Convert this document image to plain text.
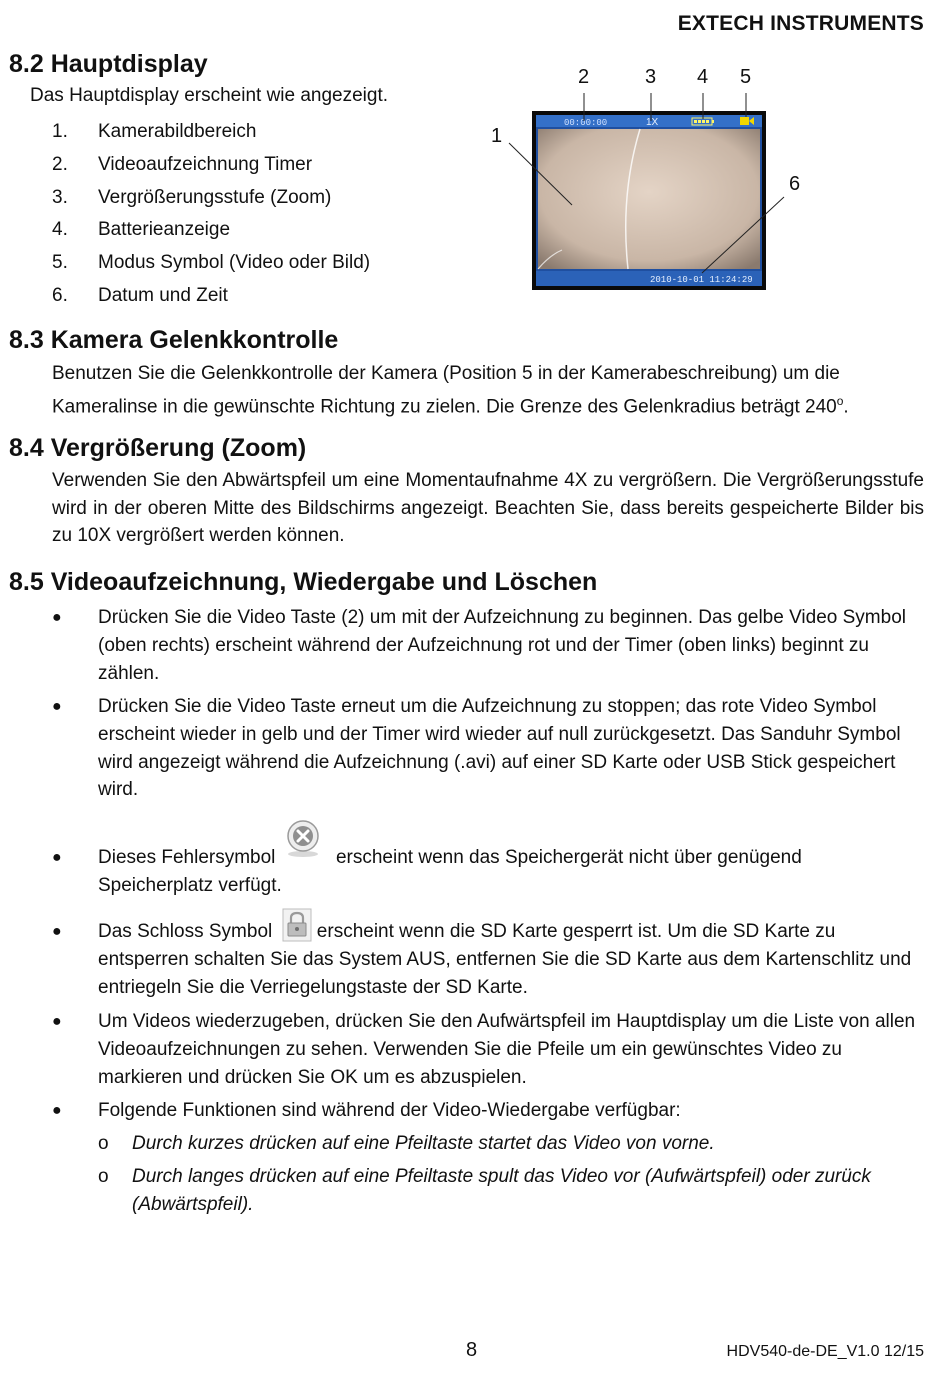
EXTECH INSTRUMENTS
8.2 Hauptdisplay
Das Hauptdisplay erscheint wie angezeigt.
1. Kamerabildbereich
2. Videoaufzeichnung Timer
3. Vergrößerungsstufe (Zoom)
4. Batterieanzeige
5. Modus Symbol (Video oder Bild)
6. Datum und Zeit
00:00:00	1X
2010-10-01 11:24:29
1
2	3 4 5
6
8.3 Kamera Gelenkkontrolle
Benutzen Sie die Gelenkkontrolle der Kamera (Position 5 in der Kamerabeschreibung) um die Kameralinse in die gewünschte Richtung zu zielen. Die Grenze des Gelenkradius beträgt 240$^o$.
8.4 Vergrößerung (Zoom)
Verwenden Sie den Abwärtspfeil um eine Momentaufnahme 4X zu vergrößern. Die Vergrößerungsstufe wird in der oberen Mitte des Bildschirms angezeigt. Beachten Sie, dass bereits gespeicherte Bilder bis zu 10X vergrößert werden können.
8.5 Videoaufzeichnung, Wiedergabe und Löschen
● Drücken Sie die Video Taste (2) um mit der Aufzeichnung zu beginnen. Das gelbe Video Symbol (oben rechts) erscheint während der Aufzeichnung rot und der Timer (oben links) beginnt zu zählen.
● Drücken Sie die Video Taste erneut um die Aufzeichnung zu stoppen; das rote Video Symbol erscheint wieder in gelb und der Timer wird wieder auf null zurückgesetzt. Das Sanduhr Symbol wird angezeigt während die Aufzeichnung (.avi) auf einer SD Karte oder USB Stick gespeichert wird.
● Dieses Fehlersymbol	erscheint wenn das Speichergerät nicht über genügend
Speicherplatz verfügt.
● Das Schloss Symbol erscheint wenn die SD Karte gesperrt ist. Um die SD Karte zu entsperren schalten Sie das System AUS, entfernen Sie die SD Karte aus dem Kartenschlitz und entriegeln Sie die Verriegelungstaste der SD Karte.
● Um Videos wiederzugeben, drücken Sie den Aufwärtspfeil im Hauptdisplay um die Liste von allen Videoaufzeichnungen zu sehen. Verwenden Sie die Pfeile um ein gewünschtes Video zu markieren und drücken Sie OK um es abzuspielen.
● Folgende Funktionen sind während der Video-Wiedergabe verfügbar:
o Durch kurzes drücken auf eine Pfeiltaste startet das Video von vorne.
o Durch langes drücken auf eine Pfeiltaste spult das Video vor (Aufwärtspfeil) oder zurück (Abwärtspfeil).
8	HDV540-de-DE_V1.0 12/15
